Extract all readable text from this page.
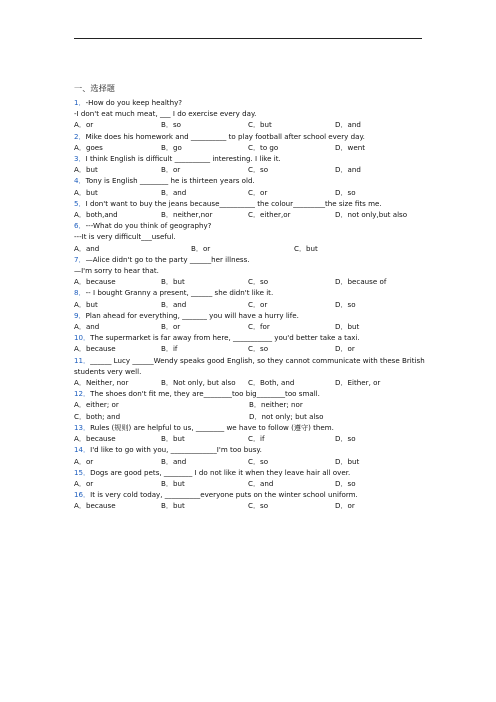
一、选择题
1．-How do you keep healthy?
-I don't eat much meat, ___ I do exercise every day.
A．or	B．so	C．but	D．and
2．Mike does his homework and __________ to play football after school every day.
A．goes	B．go	C．to go	D．went
3．I think English is difficult __________ interesting. I like it.
A．but	B．or	C．so	D．and
4．Tony is English ________ he is thirteen years old.
A．but	B．and	C．or	D．so
5．I don't want to buy the jeans because__________ the colour_________the size fits me.
A．both,and	B．neither,nor	C．either,or	D．not only,but also
6．---What do you think of geography?
---It is very difficult___useful.
A．and	B．or	C．but
7．—Alice didn't go to the party ______her illness.
—I'm sorry to hear that.
A．because	B．but	C．so	D．because of
8．-- I bought Granny a present, ______ she didn't like it.
A．but	B．and	C．or	D．so
9．Plan ahead for everything, _______ you will have a hurry life.
A．and	B．or	C．for	D．but
10．The supermarket is far away from here, ___________ you'd better take a taxi.
A．because	B．if	C．so	D．or
11．______ Lucy ______Wendy speaks good English, so they cannot communicate with these British students very well.
A．Neither, nor	B．Not only, but also	C．Both, and	D．Either, or
12．The shoes don't fit me, they are________too big________too small.
A．either; or	B．neither; nor
C．both; and	D．not only; but also
13．Rules (规则) are helpful to us, ________ we have to follow (遵守) them.
A．because	B．but	C．if	D．so
14．I'd like to go with you, _____________I'm too busy.
A．or	B．and	C．so	D．but
15．Dogs are good pets, ________ I do not like it when they leave hair all over.
A．or	B．but	C．and	D．so
16．It is very cold today, __________everyone puts on the winter school uniform.
A．because	B．but	C．so	D．or
